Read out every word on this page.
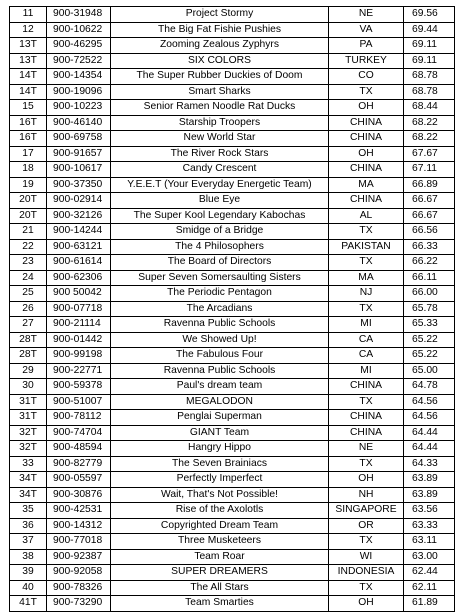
11	900-31948	Project Stormy	NE	69.56
12	900-10622	The Big Fat Fishie Pushies	VA	69.44
13T	900-46295	Zooming Zealous Zyphyrs	PA	69.11
13T	900-72522	SIX COLORS	TURKEY	69.11
14T	900-14354	The Super Rubber Duckies of Doom	CO	68.78
14T	900-19096	Smart Sharks	TX	68.78
15	900-10223	Senior Ramen Noodle Rat Ducks	OH	68.44
16T	900-46140	Starship Troopers	CHINA	68.22
16T	900-69758	New World Star	CHINA	68.22
17	900-91657	The River Rock Stars	OH	67.67
18	900-10617	Candy Crescent	CHINA	67.11
19	900-37350	Y.E.E.T (Your Everyday Energetic Team)	MA	66.89
20T	900-02914	Blue Eye	CHINA	66.67
20T	900-32126	The Super Kool Legendary Kabochas	AL	66.67
21	900-14244	Smidge of a Bridge	TX	66.56
22	900-63121	The 4 Philosophers	PAKISTAN	66.33
23	900-61614	The Board of Directors	TX	66.22
24	900-62306	Super Seven Somersaulting Sisters	MA	66.11
25	900 50042	The Periodic Pentagon	NJ	66.00
26	900-07718	The Arcadians	TX	65.78
27	900-21114	Ravenna Public Schools	MI	65.33
28T	900-01442	We Showed Up!	CA	65.22
28T	900-99198	The Fabulous Four	CA	65.22
29	900-22771	Ravenna Public Schools	MI	65.00
30	900-59378	Paul's dream team	CHINA	64.78
31T	900-51007	MEGALODON	TX	64.56
31T	900-78112	Penglai Superman	CHINA	64.56
32T	900-74704	GIANT Team	CHINA	64.44
32T	900-48594	Hangry Hippo	NE	64.44
33	900-82779	The Seven Brainiacs	TX	64.33
34T	900-05597	Perfectly Imperfect	OH	63.89
34T	900-30876	Wait, That's Not Possible!	NH	63.89
35	900-42531	Rise of the Axolotls	SINGAPORE	63.56
36	900-14312	Copyrighted Dream Team	OR	63.33
37	900-77018	Three Musketeers	TX	63.11
38	900-92387	Team Roar	WI	63.00
39	900-92058	SUPER DREAMERS	INDONESIA	62.44
40	900-78326	The All Stars	TX	62.11
41T	900-73290	Team Smarties	OH	61.89
